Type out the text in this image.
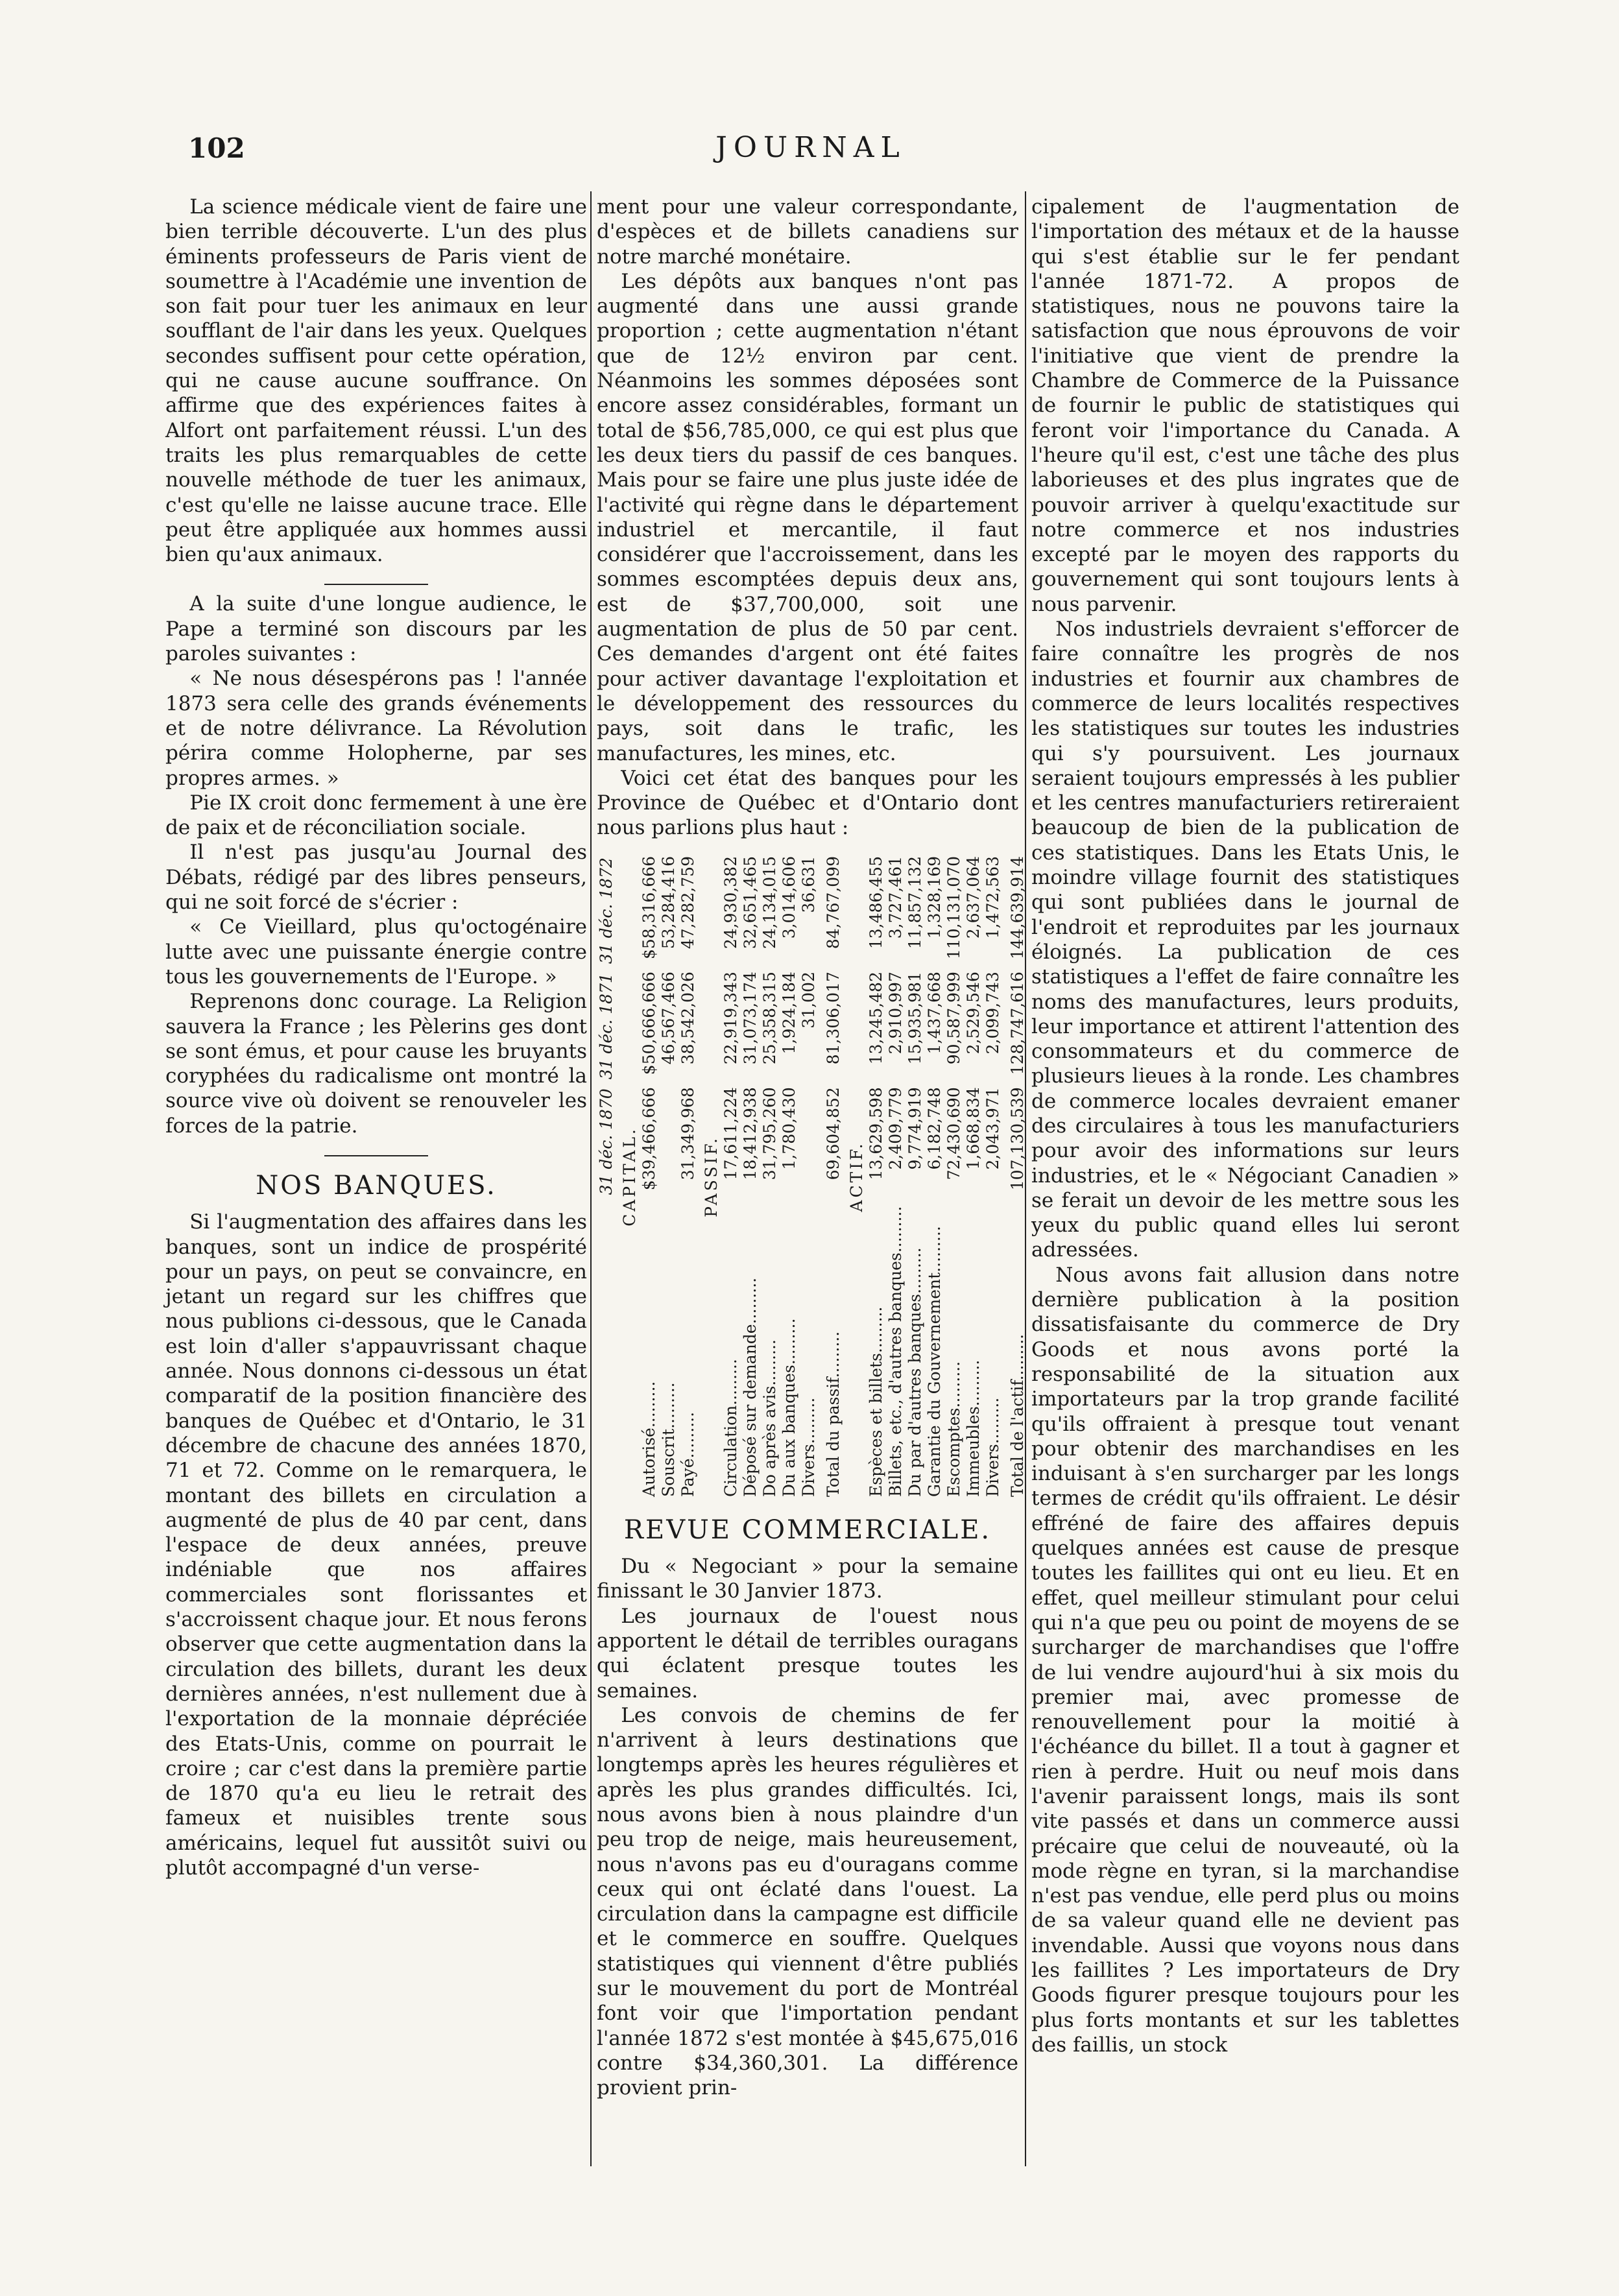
102	JOURNAL

La science médicale vient de faire une bien terrible découverte. L'un des plus éminents professeurs de Paris vient de soumettre à l'Académie une invention de son fait pour tuer les animaux en leur soufflant de l'air dans les yeux. Quelques secondes suffisent pour cette opération, qui ne cause aucune souffrance. On affirme que des expériences faites à Alfort ont parfaitement réussi. L'un des traits les plus remarquables de cette nouvelle méthode de tuer les animaux, c'est qu'elle ne laisse aucune trace. Elle peut être appliquée aux hommes aussi bien qu'aux animaux.

A la suite d'une longue audience, le Pape a terminé son discours par les paroles suivantes :

« Ne nous désespérons pas ! l'année 1873 sera celle des grands événements et de notre délivrance. La Révolution périra comme Holopherne, par ses propres armes. »

Pie IX croit donc fermement à une ère de paix et de réconciliation sociale.

Il n'est pas jusqu'au Journal des Débats, rédigé par des libres penseurs, qui ne soit forcé de s'écrier :

« Ce Vieillard, plus qu'octogénaire lutte avec une puissante énergie contre tous les gouvernements de l'Europe. »

Reprenons donc courage. La Religion sauvera la France ; les Pèlerins ges dont se sont émus, et pour cause les bruyants coryphées du radicalisme ont montré la source vive où doivent se renouveler les forces de la patrie.

NOS BANQUES.

Si l'augmentation des affaires dans les banques, sont un indice de prospérité pour un pays, on peut se convaincre, en jetant un regard sur les chiffres que nous publions ci-dessous, que le Canada est loin d'aller s'appauvrissant chaque année. Nous donnons ci-dessous un état comparatif de la position financière des banques de Québec et d'Ontario, le 31 décembre de chacune des années 1870, 71 et 72. Comme on le remarquera, le montant des billets en circulation a augmenté de plus de 40 par cent, dans l'espace de deux années, preuve indéniable que nos affaires commerciales sont florissantes et s'accroissent chaque jour. Et nous ferons observer que cette augmentation dans la circulation des billets, durant les deux dernières années, n'est nullement due à l'exportation de la monnaie dépréciée des Etats-Unis, comme on pourrait le croire ; car c'est dans la première partie de 1870 qu'a eu lieu le retrait des fameux et nuisibles trente sous américains, lequel fut aussitôt suivi ou plutôt accompagné d'un verse-

ment pour une valeur correspondante, d'espèces et de billets canadiens sur notre marché monétaire.

Les dépôts aux banques n'ont pas augmenté dans une aussi grande proportion ; cette augmentation n'étant que de 12½ environ par cent. Néanmoins les sommes déposées sont encore assez considérables, formant un total de $56,785,000, ce qui est plus que les deux tiers du passif de ces banques. Mais pour se faire une plus juste idée de l'activité qui règne dans le département industriel et mercantile, il faut considérer que l'accroissement, dans les sommes escomptées depuis deux ans, est de $37,700,000, soit une augmentation de plus de 50 par cent. Ces demandes d'argent ont été faites pour activer davantage l'exploitation et le développement des ressources du pays, soit dans le trafic, les manufactures, les mines, etc.

Voici cet état des banques pour les Province de Québec et d'Ontario dont nous parlions plus haut :

	31 déc. 1870	31 déc. 1871	31 déc. 1872
CAPITAL.			
Autorisé.........	$39,466,666	$50,666,666	$58,316,666
Souscrit.........		46,567,466	53,284,416
Payé.........	31,349,968	38,542,026	47,282,759
PASSIF.			
Circulation.........	17,611,224	22,919,343	24,930,382
Déposé sur demande.........	18,412,938	31,073,174	32,651,465
Do après avis.........	31,795,260	25,358,315	24,134,015
Du aux banques.........	1,780,430	1,924,184	3,014,606
Divers.........		31,002	36,631
Total du passif.........	69,604,852	81,306,017	84,767,099
ACTIF.			
Espèces et billets.........	13,629,598	13,245,482	13,486,455
Billets, etc., d'autres banques.........	2,409,779	2,910,997	3,727,461
Du par d'autres banques.........	9,774,919	15,935,981	11,857,132
Garantie du Gouvernement.........	6,182,748	1,437,668	1,328,169
Escomptes.........	72,430,690	90,587,999	110,131,070
Immeubles.........	1,668,834	2,529,546	2,637,064
Divers.........	2,043,971	2,099,743	1,472,563
Total de l'actif.........	107,130,539	128,747,616	144,639,914
REVUE COMMERCIALE.

Du « Negociant » pour la semaine finissant le 30 Janvier 1873.

Les journaux de l'ouest nous apportent le détail de terribles ouragans qui éclatent presque toutes les semaines.

Les convois de chemins de fer n'arrivent à leurs destinations que longtemps après les heures régulières et après les plus grandes difficultés. Ici, nous avons bien à nous plaindre d'un peu trop de neige, mais heureusement, nous n'avons pas eu d'ouragans comme ceux qui ont éclaté dans l'ouest. La circulation dans la campagne est difficile et le commerce en souffre. Quelques statistiques qui viennent d'être publiés sur le mouvement du port de Montréal font voir que l'importation pendant l'année 1872 s'est montée à $45,675,016 contre $34,360,301. La différence provient prin-

cipalement de l'augmentation de l'importation des métaux et de la hausse qui s'est établie sur le fer pendant l'année 1871-72. A propos de statistiques, nous ne pouvons taire la satisfaction que nous éprouvons de voir l'initiative que vient de prendre la Chambre de Commerce de la Puissance de fournir le public de statistiques qui feront voir l'importance du Canada. A l'heure qu'il est, c'est une tâche des plus laborieuses et des plus ingrates que de pouvoir arriver à quelqu'exactitude sur notre commerce et nos industries excepté par le moyen des rapports du gouvernement qui sont toujours lents à nous parvenir.

Nos industriels devraient s'efforcer de faire connaître les progrès de nos industries et fournir aux chambres de commerce de leurs localités respectives les statistiques sur toutes les industries qui s'y poursuivent. Les journaux seraient toujours empressés à les publier et les centres manufacturiers retireraient beaucoup de bien de la publication de ces statistiques. Dans les Etats Unis, le moindre village fournit des statistiques qui sont publiées dans le journal de l'endroit et reproduites par les journaux éloignés. La publication de ces statistiques a l'effet de faire connaître les noms des manufactures, leurs produits, leur importance et attirent l'attention des consommateurs et du commerce de plusieurs lieues à la ronde. Les chambres de commerce locales devraient emaner des circulaires à tous les manufacturiers pour avoir des informations sur leurs industries, et le « Négociant Canadien » se ferait un devoir de les mettre sous les yeux du public quand elles lui seront adressées.

Nous avons fait allusion dans notre dernière publication à la position dissatisfaisante du commerce de Dry Goods et nous avons porté la responsabilité de la situation aux importateurs par la trop grande facilité qu'ils offraient à presque tout venant pour obtenir des marchandises en les induisant à s'en surcharger par les longs termes de crédit qu'ils offraient. Le désir effréné de faire des affaires depuis quelques années est cause de presque toutes les faillites qui ont eu lieu. Et en effet, quel meilleur stimulant pour celui qui n'a que peu ou point de moyens de se surcharger de marchandises que l'offre de lui vendre aujourd'hui à six mois du premier mai, avec promesse de renouvellement pour la moitié à l'échéance du billet. Il a tout à gagner et rien à perdre. Huit ou neuf mois dans l'avenir paraissent longs, mais ils sont vite passés et dans un commerce aussi précaire que celui de nouveauté, où la mode règne en tyran, si la marchandise n'est pas vendue, elle perd plus ou moins de sa valeur quand elle ne devient pas invendable. Aussi que voyons nous dans les faillites ? Les importateurs de Dry Goods figurer presque toujours pour les plus forts montants et sur les tablettes des faillis, un stock
